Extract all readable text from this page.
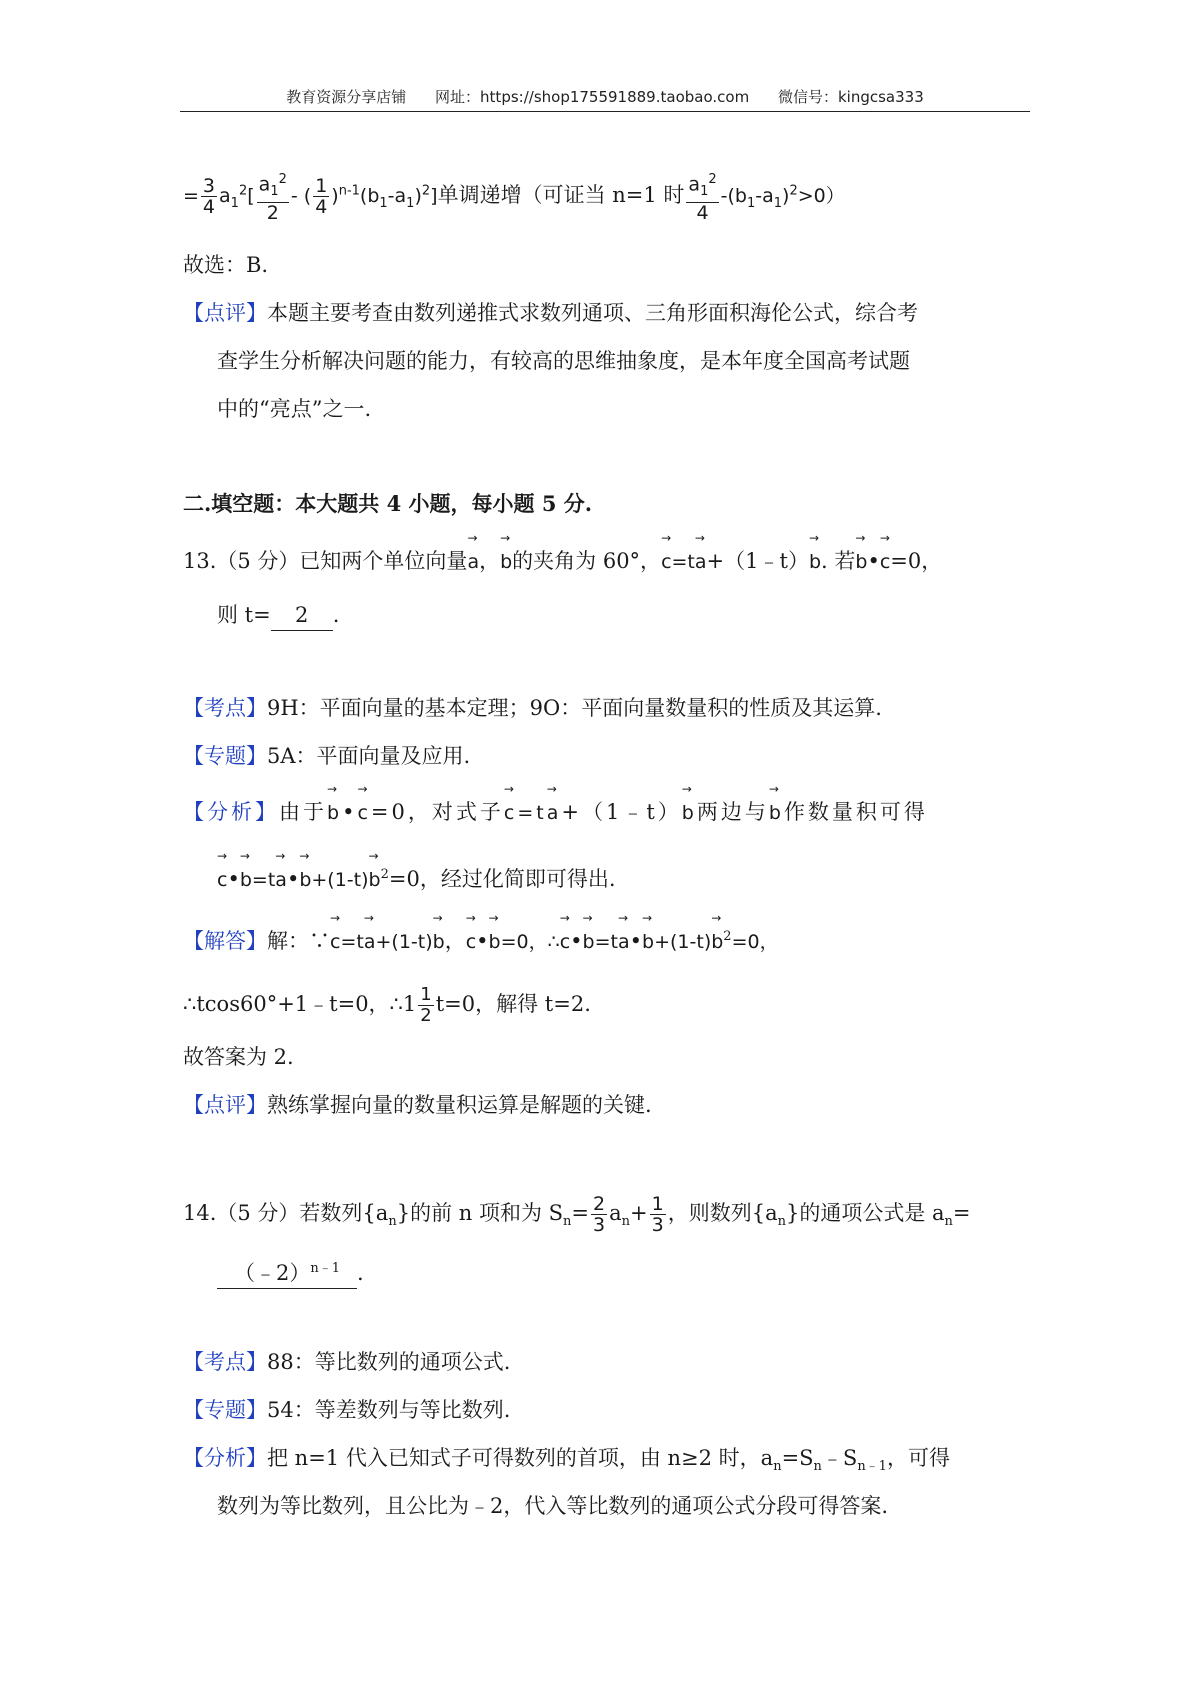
教育资源分享店铺 网址：https://shop175591889.taobao.com 微信号：kingcsa333
= $\frac{3}{4} a_1^2[ \frac{a_1^2}{2}$ - ( $\frac{1}{4} )^{n-1}(b_1-a_1)^2$]单调递增（可证当 n=1 时 $\frac{a_1^2}{4} -(b_1-a_1)^2>0$）
故选：B.
【点评】本题主要考查由数列递推式求数列通项、三角形面积海伦公式，综合考
查学生分析解决问题的能力，有较高的思维抽象度，是本年度全国高考试题
中的“亮点”之一.
二.填空题：本大题共 4 小题，每小题 5 分.
13.（5 分）已知两个单位向量→ a，→ b的夹角为 60°，→ c=t→ a+（1﹣t）→ b. 若→ b•→ c=0，
则 t= 2 .
【考点】9H：平面向量的基本定理；9O：平面向量数量积的性质及其运算.
【专题】5A：平面向量及应用.
【分析】由于→ b•→ c=0，对式子→ c=t→ a+（1﹣t）→ b两边与→ b作数量积可得
→ c•→ b=t→ a•→ $b+(1-t)\to b^2=0$，经过化简即可得出.
【解答】解：∵→ c=t→ a+(1-t)→ b，→ c•→ b=0，∴→ c•→ b=t→ a•→ $b+(1-t)\to b^2=0$，
∴tcos60°+1﹣t=0，∴1 $\frac{1}{2} t=0$，解得 t=2.
故答案为 2.
【点评】熟练掌握向量的数量积运算是解题的关键.
14.（5 分）若数列$\{a_n\}$的前 n 项和为 $S_n= \frac{2}{3} a_n+ \frac{1}{3}$ ，则数列$\{a_n\}$的通项公式是 $a_n=$
（﹣2）$^{n﹣1}$ .
【考点】88：等比数列的通项公式.
【专题】54：等差数列与等比数列.
【分析】把 n=1 代入已知式子可得数列的首项，由 n≥2 时，$a_n=S_n﹣S_{n﹣1}$，可得
数列为等比数列，且公比为﹣2，代入等比数列的通项公式分段可得答案.
